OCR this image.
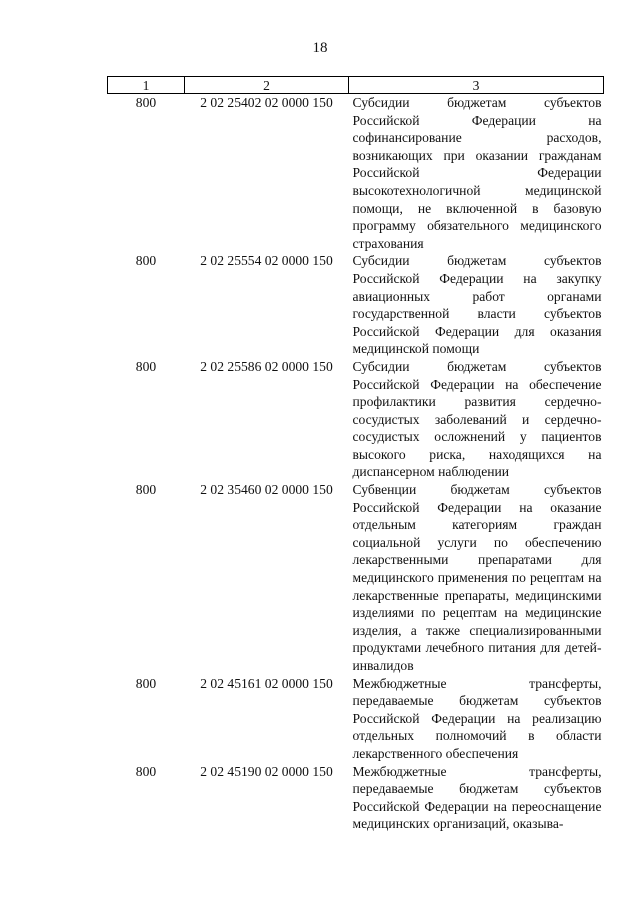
18
1	2	3
800	2 02 25402 02 0000 150	Субсидии бюджетам субъектов Российской Федерации на софинансирование расходов, возникающих при оказании гражданам Российской Федерации высокотехнологичной медицинской помощи, не включенной в базовую программу обязательного медицинского страхования
800	2 02 25554 02 0000 150	Субсидии бюджетам субъектов Российской Федерации на закупку авиационных работ органами государственной власти субъектов Российской Федерации для оказания медицинской помощи
800	2 02 25586 02 0000 150	Субсидии бюджетам субъектов Российской Федерации на обеспечение профилактики развития сердечно-сосудистых заболеваний и сердечно-сосудистых осложнений у пациентов высокого риска, находящихся на диспансерном наблюдении
800	2 02 35460 02 0000 150	Субвенции бюджетам субъектов Российской Федерации на оказание отдельным категориям граждан социальной услуги по обеспечению лекарственными препаратами для медицинского применения по рецептам на лекарственные препараты, медицинскими изделиями по рецептам на медицинские изделия, а также специализированными продуктами лечебного питания для детей-инвалидов
800	2 02 45161 02 0000 150	Межбюджетные трансферты, передаваемые бюджетам субъектов Российской Федерации на реализацию отдельных полномочий в области лекарственного обеспечения
800	2 02 45190 02 0000 150	Межбюджетные трансферты, передаваемые бюджетам субъектов Российской Федерации на переоснащение медицинских организаций, оказыва-
